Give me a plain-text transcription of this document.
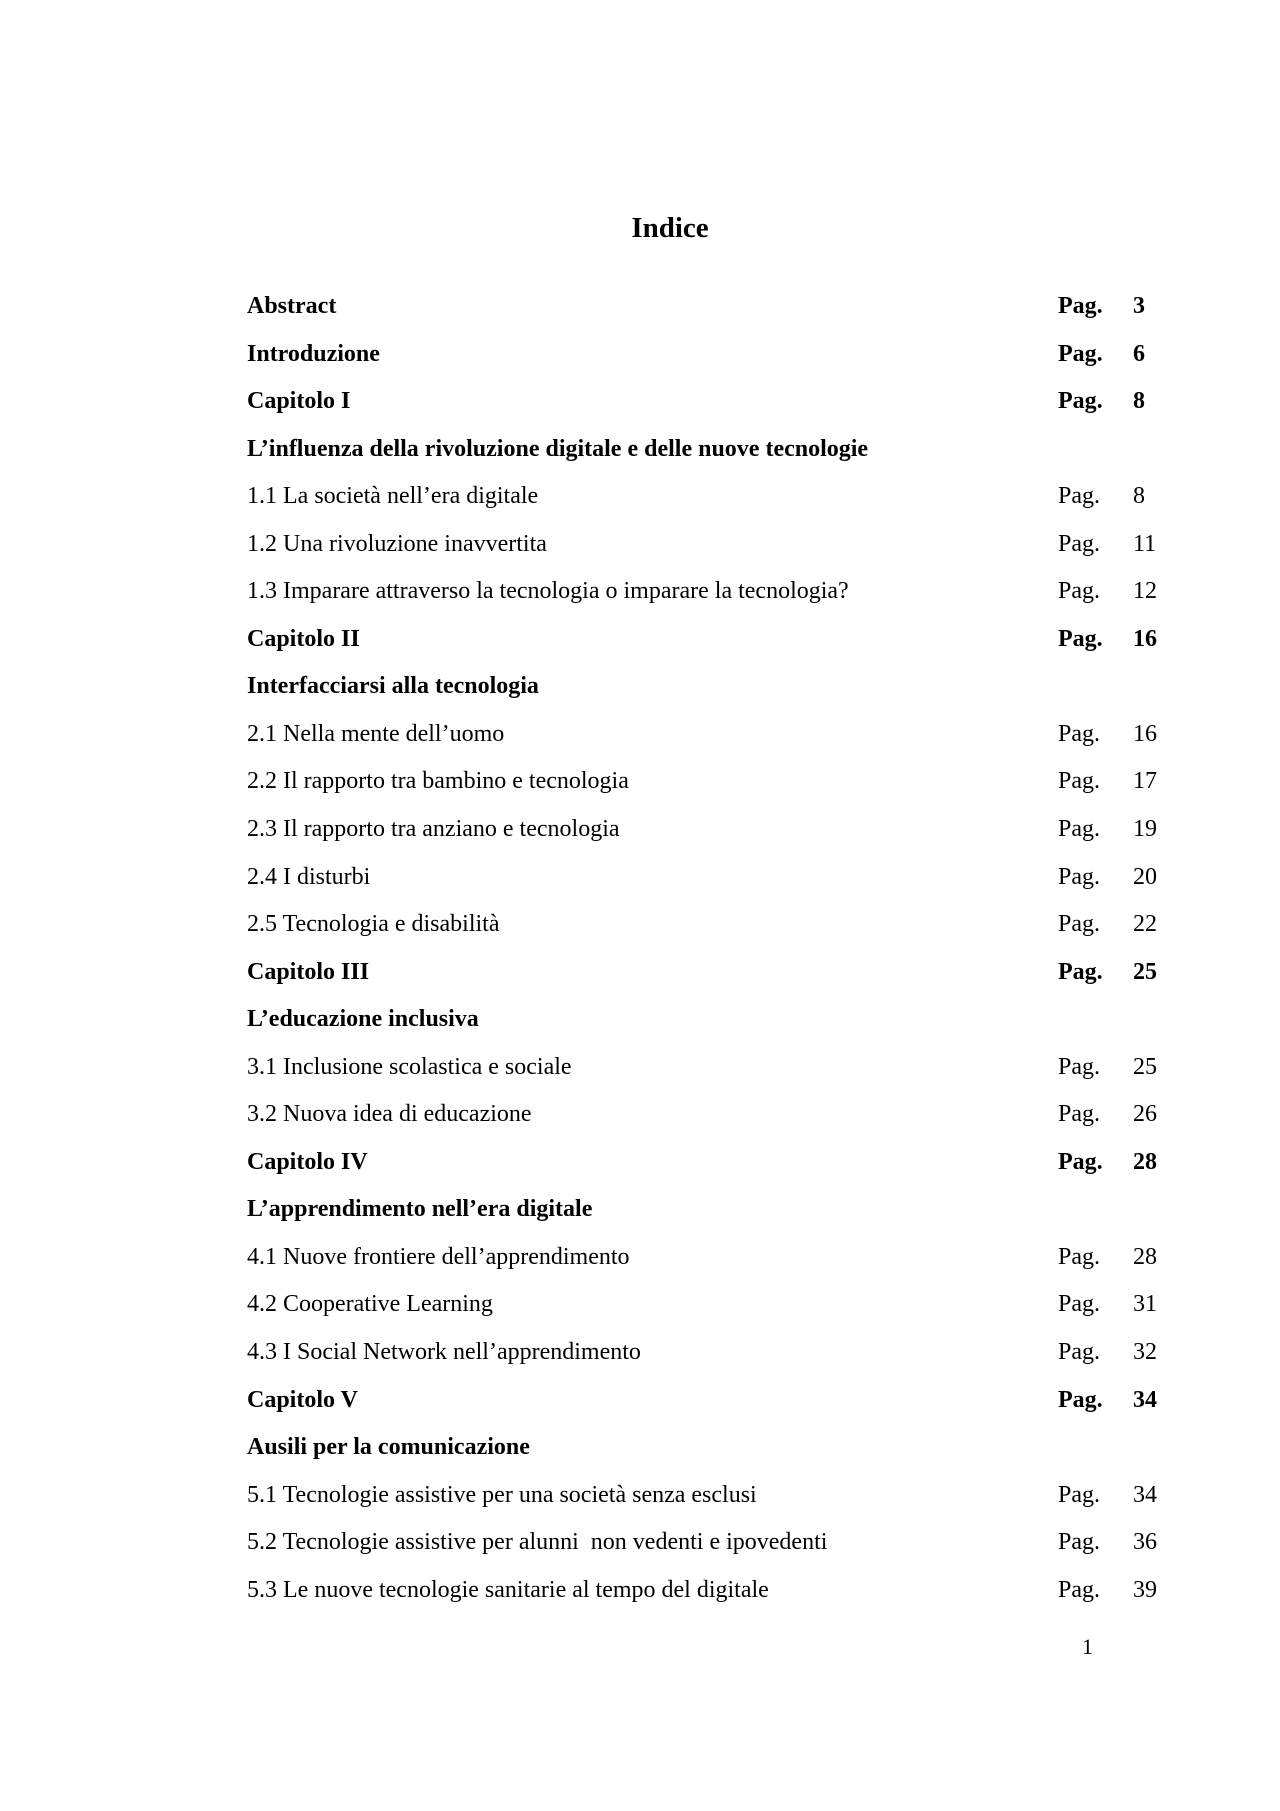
Indice
Abstract	Pag. 3
Introduzione	Pag. 6
Capitolo I	Pag. 8
L’influenza della rivoluzione digitale e delle nuove tecnologie
1.1 La società nell’era digitale	Pag. 8
1.2 Una rivoluzione inavvertita	Pag. 11
1.3 Imparare attraverso la tecnologia o imparare la tecnologia?	Pag. 12
Capitolo II	Pag. 16
Interfacciarsi alla tecnologia
2.1 Nella mente dell’uomo	Pag. 16
2.2 Il rapporto tra bambino e tecnologia	Pag. 17
2.3 Il rapporto tra anziano e tecnologia	Pag. 19
2.4 I disturbi	Pag. 20
2.5 Tecnologia e disabilità	Pag. 22
Capitolo III	Pag. 25
L’educazione inclusiva
3.1 Inclusione scolastica e sociale	Pag. 25
3.2 Nuova idea di educazione	Pag. 26
Capitolo IV	Pag. 28
L’apprendimento nell’era digitale
4.1 Nuove frontiere dell’apprendimento	Pag. 28
4.2 Cooperative Learning	Pag. 31
4.3 I Social Network nell’apprendimento	Pag. 32
Capitolo V	Pag. 34
Ausili per la comunicazione
5.1 Tecnologie assistive per una società senza esclusi	Pag. 34
5.2 Tecnologie assistive per alunni  non vedenti e ipovedenti	Pag. 36
5.3 Le nuove tecnologie sanitarie al tempo del digitale	Pag. 39
1
